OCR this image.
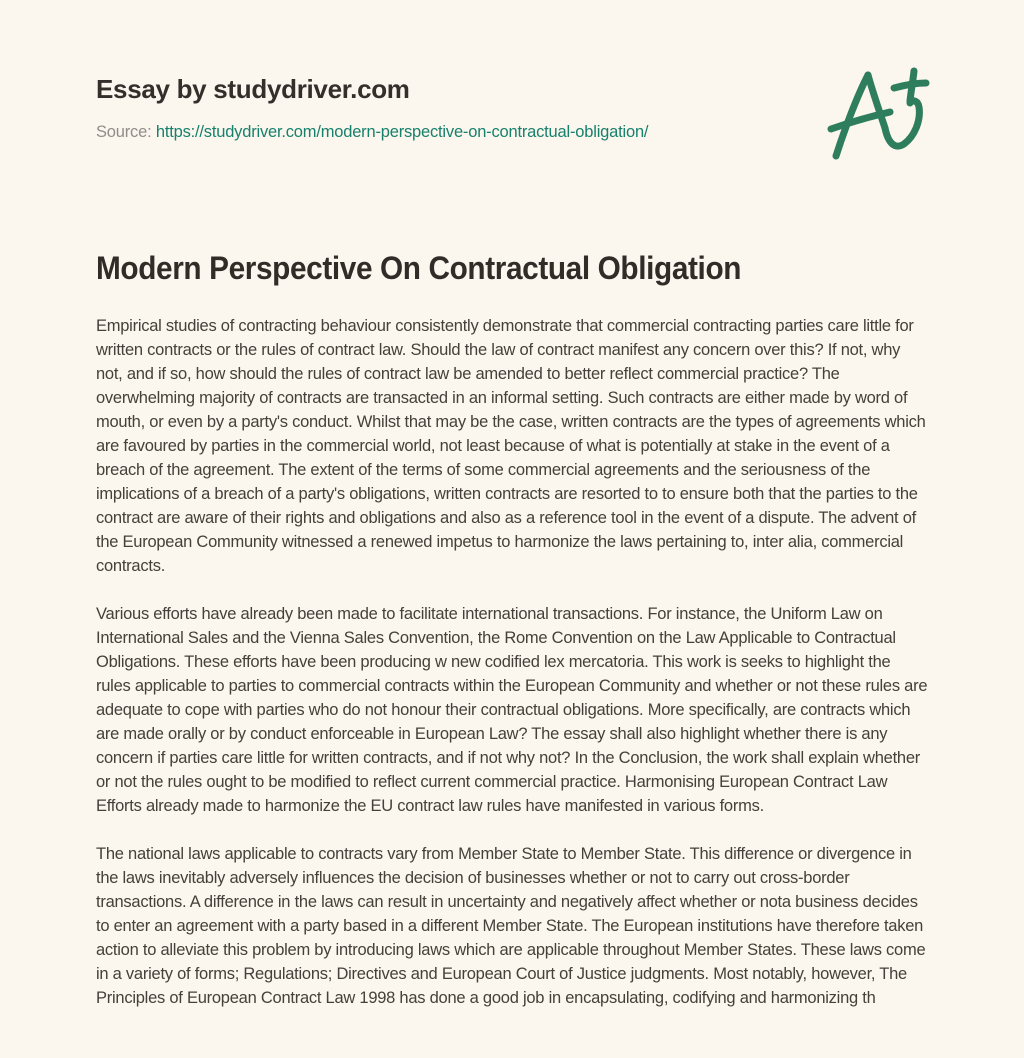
Essay by studydriver.com
Source: https://studydriver.com/modern-perspective-on-contractual-obligation/
Modern Perspective On Contractual Obligation

Empirical studies of contracting behaviour consistently demonstrate that commercial contracting parties care little for written contracts or the rules of contract law. Should the law of contract manifest any concern over this? If not, why not, and if so, how should the rules of contract law be amended to better reflect commercial practice? The overwhelming majority of contracts are transacted in an informal setting. Such contracts are either made by word of mouth, or even by a party's conduct. Whilst that may be the case, written contracts are the types of agreements which are favoured by parties in the commercial world, not least because of what is potentially at stake in the event of a breach of the agreement. The extent of the terms of some commercial agreements and the seriousness of the implications of a breach of a party's obligations, written contracts are resorted to to ensure both that the parties to the contract are aware of their rights and obligations and also as a reference tool in the event of a dispute. The advent of the European Community witnessed a renewed impetus to harmonize the laws pertaining to, inter alia, commercial contracts.

Various efforts have already been made to facilitate international transactions. For instance, the Uniform Law on International Sales and the Vienna Sales Convention, the Rome Convention on the Law Applicable to Contractual Obligations. These efforts have been producing w new codified lex mercatoria. This work is seeks to highlight the rules applicable to parties to commercial contracts within the European Community and whether or not these rules are adequate to cope with parties who do not honour their contractual obligations. More specifically, are contracts which are made orally or by conduct enforceable in European Law? The essay shall also highlight whether there is any concern if parties care little for written contracts, and if not why not? In the Conclusion, the work shall explain whether or not the rules ought to be modified to reflect current commercial practice. Harmonising European Contract Law Efforts already made to harmonize the EU contract law rules have manifested in various forms.

The national laws applicable to contracts vary from Member State to Member State. This difference or divergence in the laws inevitably adversely influences the decision of businesses whether or not to carry out cross-border transactions. A difference in the laws can result in uncertainty and negatively affect whether or nota business decides to enter an agreement with a party based in a different Member State. The European institutions have therefore taken action to alleviate this problem by introducing laws which are applicable throughout Member States. These laws come in a variety of forms; Regulations; Directives and European Court of Justice judgments. Most notably, however, The Principles of European Contract Law 1998 has done a good job in encapsulating, codifying and harmonizing th
